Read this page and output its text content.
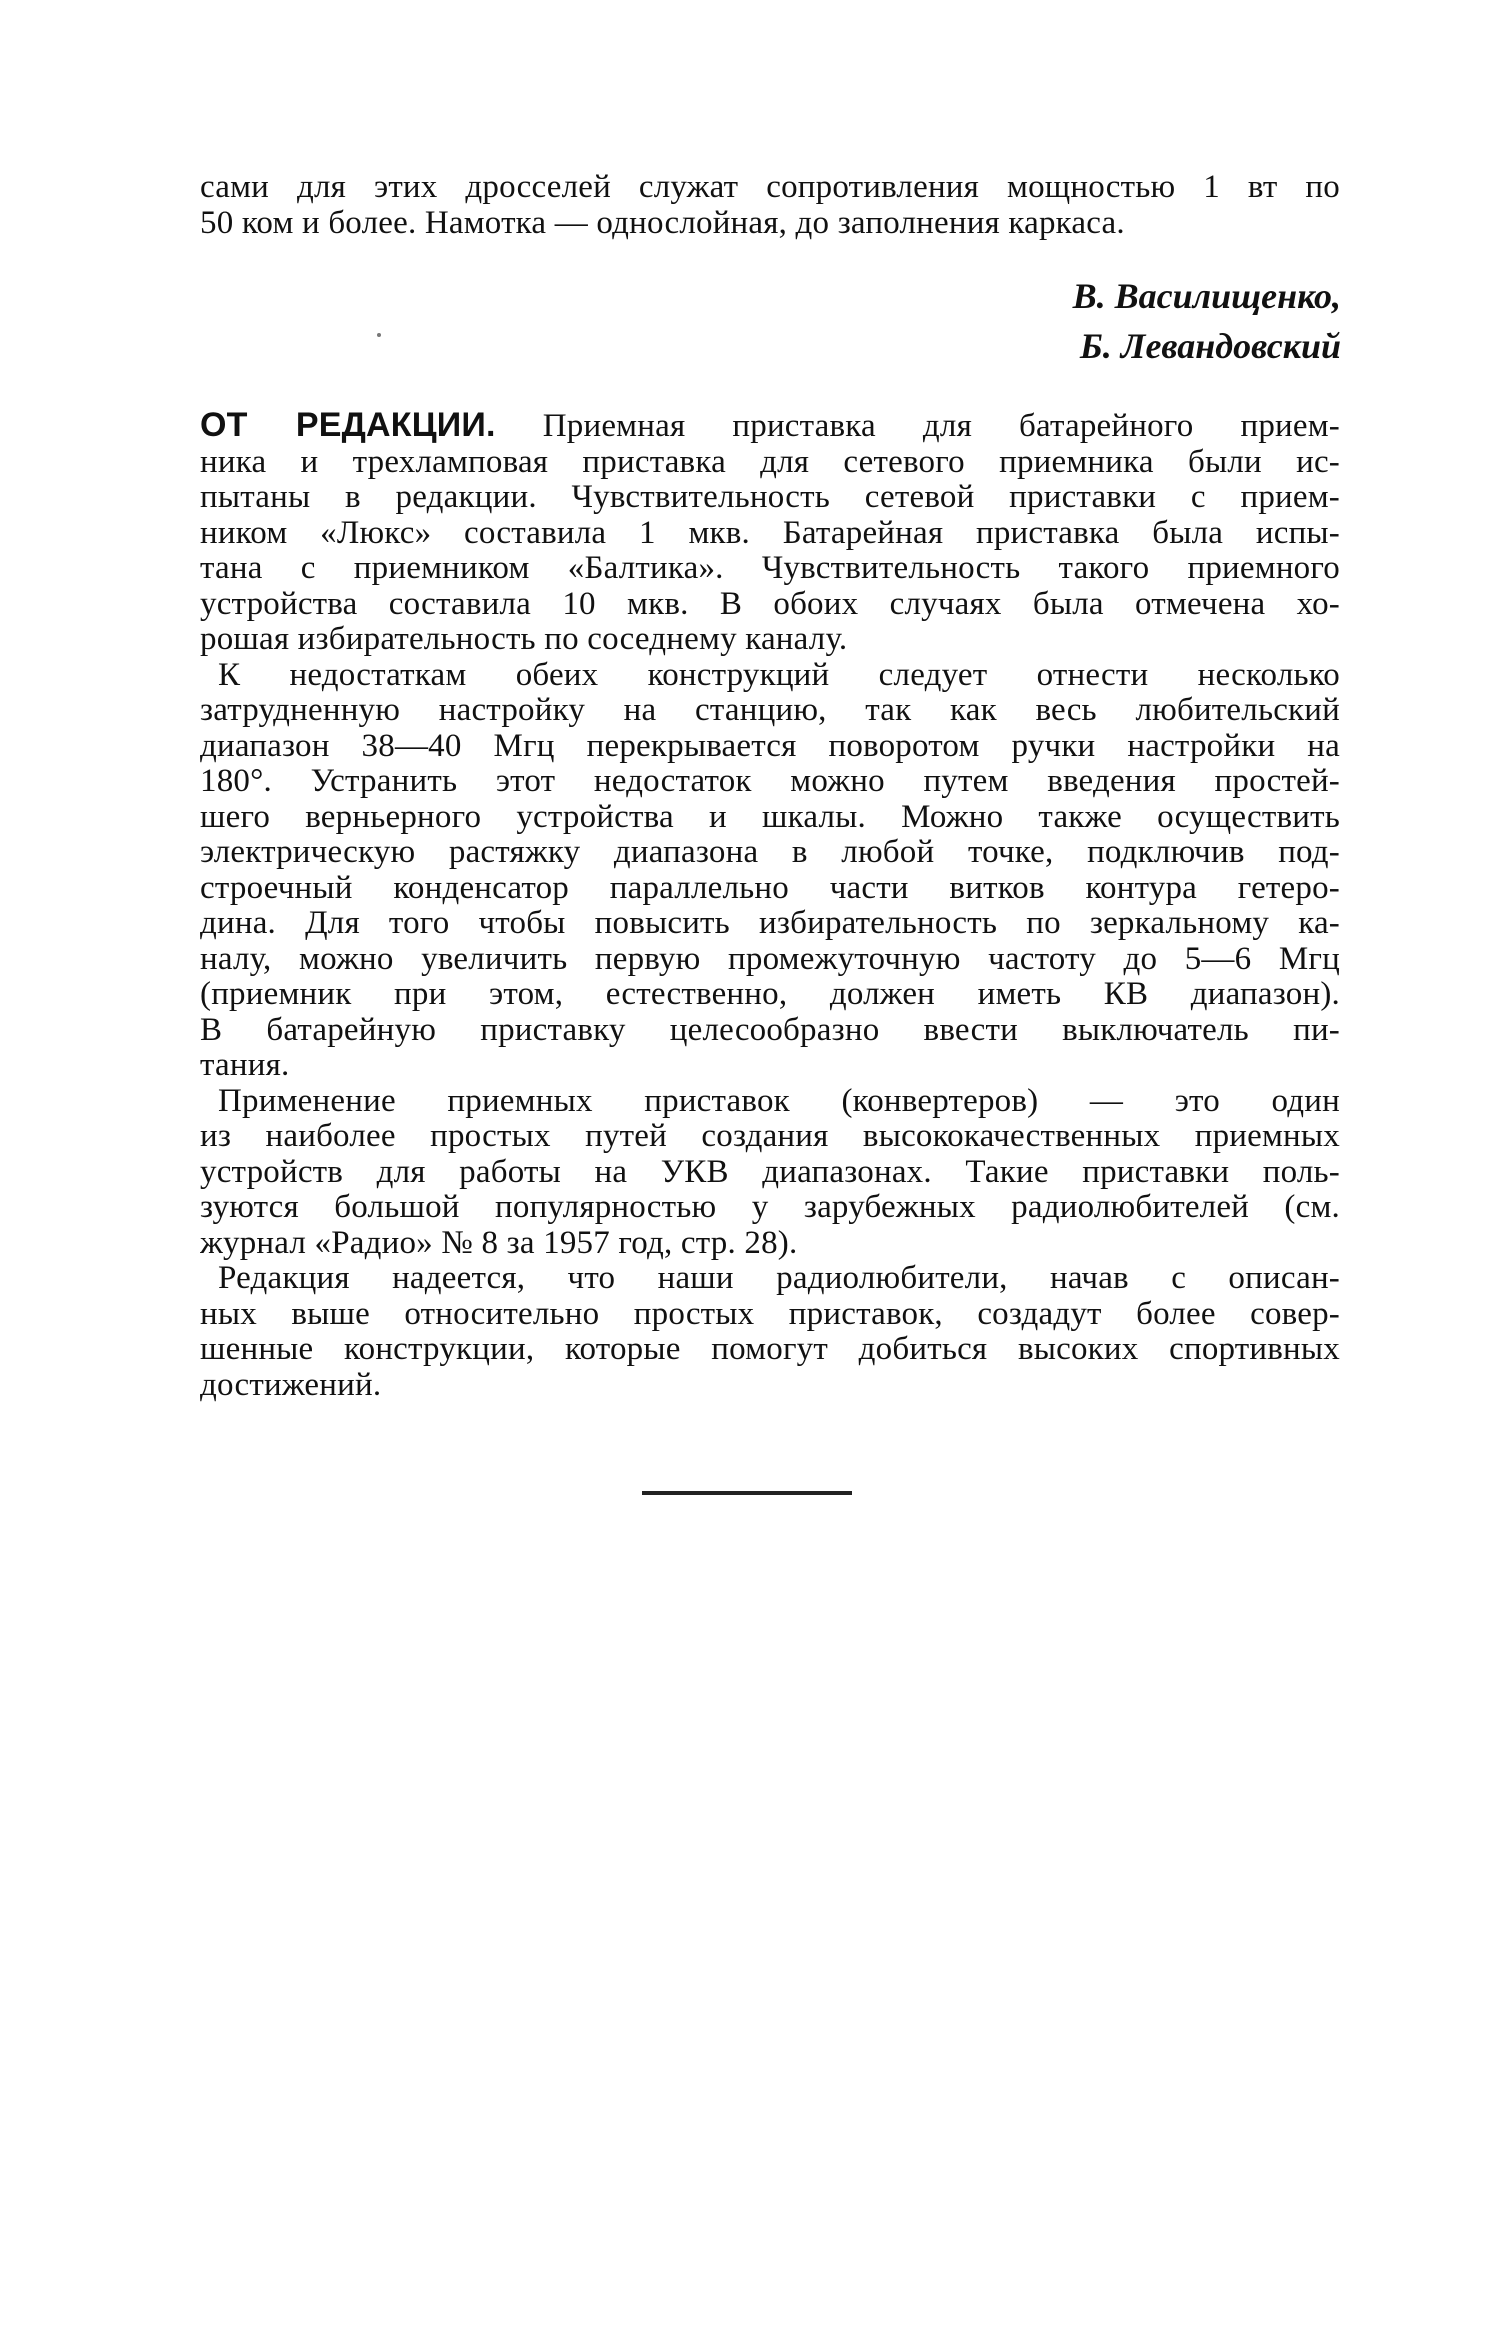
сами для этих дросселей служат сопротивления мощностью 1 вт по
50 ком и более. Намотка — однослойная, до заполнения каркаса.
В. Василищенко,
Б. Левандовский
ОТ РЕДАКЦИИ. Приемная приставка для батарейного прием-
ника и трехламповая приставка для сетевого приемника были ис-
пытаны в редакции. Чувствительность сетевой приставки с прием-
ником «Люкс» составила 1 мкв. Батарейная приставка была испы-
тана с приемником «Балтика». Чувствительность такого приемного
устройства составила 10 мкв. В обоих случаях была отмечена хо-
рошая избирательность по соседнему каналу.
К недостаткам обеих конструкций следует отнести несколько
затрудненную настройку на станцию, так как весь любительский
диапазон 38—40 Мгц перекрывается поворотом ручки настройки на
180°. Устранить этот недостаток можно путем введения простей-
шего верньерного устройства и шкалы. Можно также осуществить
электрическую растяжку диапазона в любой точке, подключив под-
строечный конденсатор параллельно части витков контура гетеро-
дина. Для того чтобы повысить избирательность по зеркальному ка-
налу, можно увеличить первую промежуточную частоту до 5—6 Мгц
(приемник при этом, естественно, должен иметь КВ диапазон).
В батарейную приставку целесообразно ввести выключатель пи-
тания.
Применение приемных приставок (конвертеров) — это один
из наиболее простых путей создания высококачественных приемных
устройств для работы на УКВ диапазонах. Такие приставки поль-
зуются большой популярностью у зарубежных радиолюбителей (см.
журнал «Радио» № 8 за 1957 год, стр. 28).
Редакция надеется, что наши радиолюбители, начав с описан-
ных выше относительно простых приставок, создадут более совер-
шенные конструкции, которые помогут добиться высоких спортивных
достижений.
